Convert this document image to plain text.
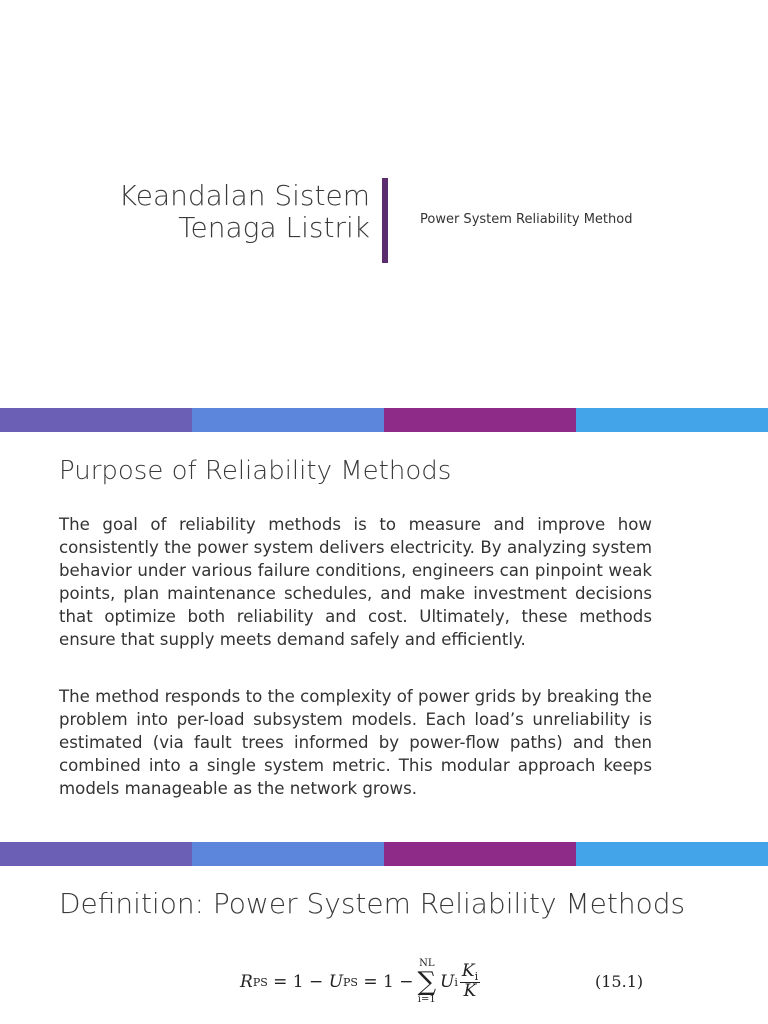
Keandalan Sistem
Tenaga Listrik	Power System Reliability Method
Purpose of Reliability Methods

The goal of reliability methods is to measure and improve how consistently the power system delivers electricity. By analyzing system behavior under various failure conditions, engineers can pinpoint weak points, plan maintenance schedules, and make investment decisions that optimize both reliability and cost. Ultimately, these methods ensure that supply meets demand safely and efficiently.

The method responds to the complexity of power grids by breaking the problem into per-load subsystem models. Each load’s unreliability is estimated (via fault trees informed by power-flow paths) and then combined into a single system metric. This modular approach keeps models manageable as the network grows.

Definition: Power System Reliability Methods
R PS
= 1 −
U PS
= 1 −
NL
∑
i=1
U i $\frac{K_i}{K}$	(15.1)
